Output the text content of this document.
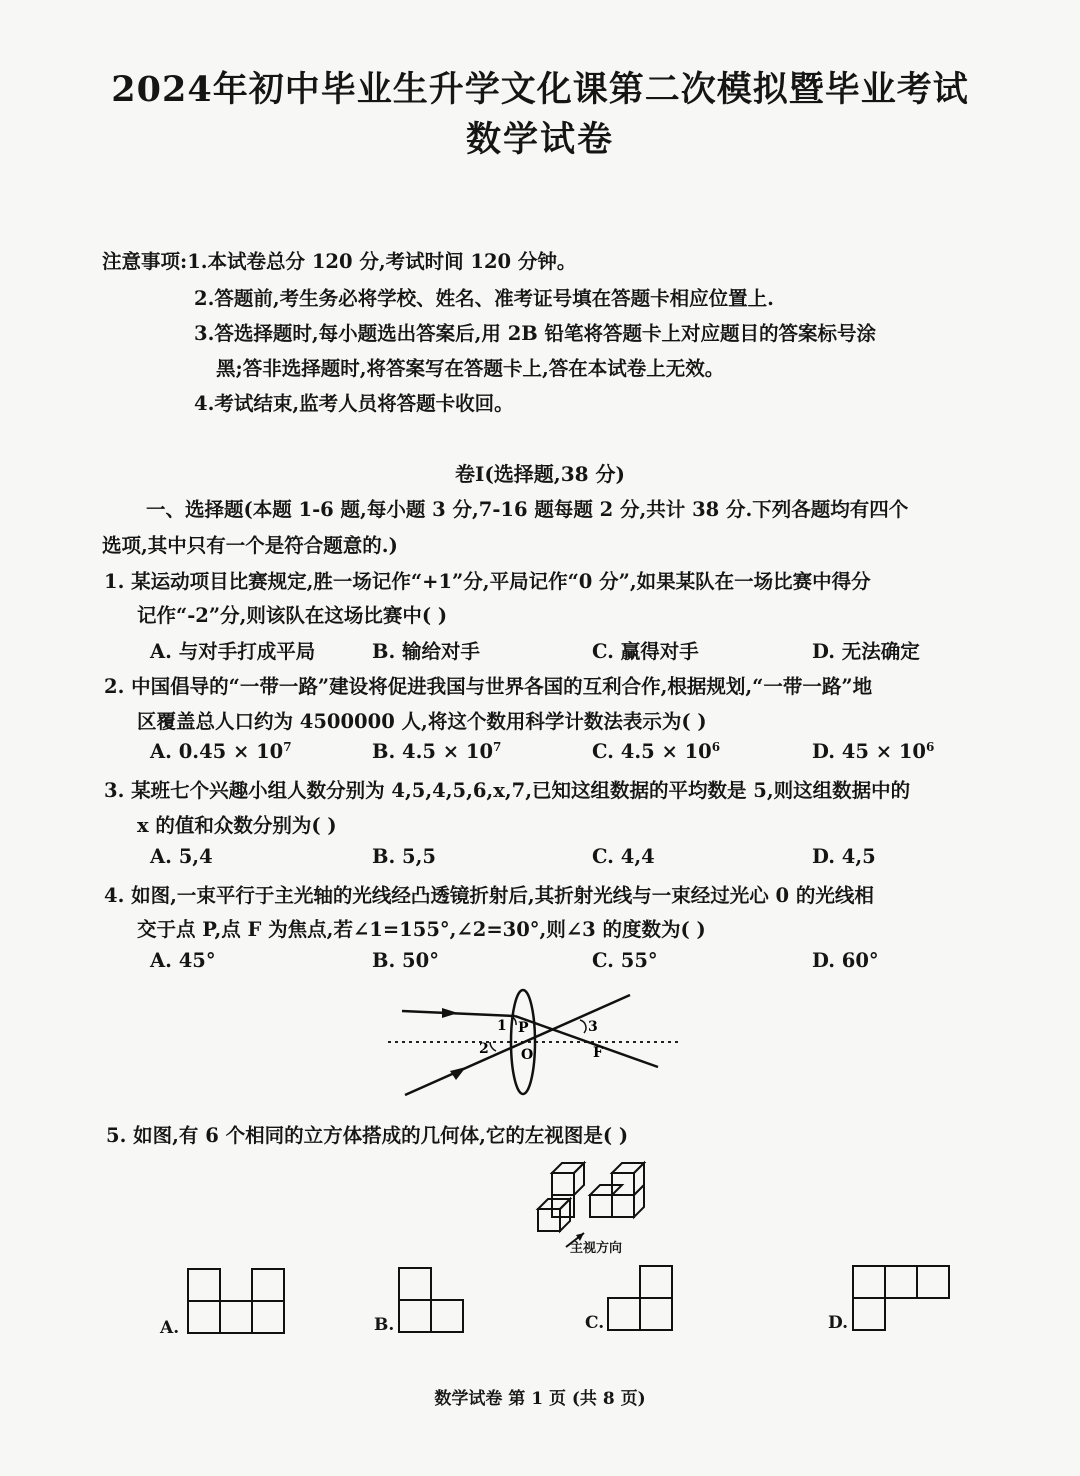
2024年初中毕业生升学文化课第二次模拟暨毕业考试
数学试卷
注意事项:1.本试卷总分 120 分,考试时间 120 分钟。
2.答题前,考生务必将学校、姓名、准考证号填在答题卡相应位置上.
3.答选择题时,每小题选出答案后,用 2B 铅笔将答题卡上对应题目的答案标号涂
黑;答非选择题时,将答案写在答题卡上,答在本试卷上无效。
4.考试结束,监考人员将答题卡收回。
卷Ⅰ(选择题,38 分)
一、选择题(本题 1-6 题,每小题 3 分,7-16 题每题 2 分,共计 38 分.下列各题均有四个
选项,其中只有一个是符合题意的.)
1. 某运动项目比赛规定,胜一场记作“+1”分,平局记作“0 分”,如果某队在一场比赛中得分
记作“-2”分,则该队在这场比赛中( )
A. 与对手打成平局	B. 输给对手	C. 赢得对手	D. 无法确定
2. 中国倡导的“一带一路”建设将促进我国与世界各国的互利合作,根据规划,“一带一路”地
区覆盖总人口约为 4500000 人,将这个数用科学计数法表示为( )
A. $0.45 \times 10^7$	B. $4.5 \times 10^7$	C. $4.5 \times 10^6$	D. $45 \times 10^6$
3. 某班七个兴趣小组人数分别为 4,5,4,5,6,x,7,已知这组数据的平均数是 5,则这组数据中的
x 的值和众数分别为( )
A. 5,4	B. 5,5	C. 4,4	D. 4,5
4. 如图,一束平行于主光轴的光线经凸透镜折射后,其折射光线与一束经过光心 0 的光线相
交于点 P,点 F 为焦点,若∠1=155°,∠2=30°,则∠3 的度数为( )
A. 45°	B. 50°	C. 55°	D. 60°
1
2
3
P
O	F
5. 如图,有 6 个相同的立方体搭成的几何体,它的左视图是( )
主视方向
A.	B.	C.	D.
数学试卷 第 1 页 (共 8 页)
